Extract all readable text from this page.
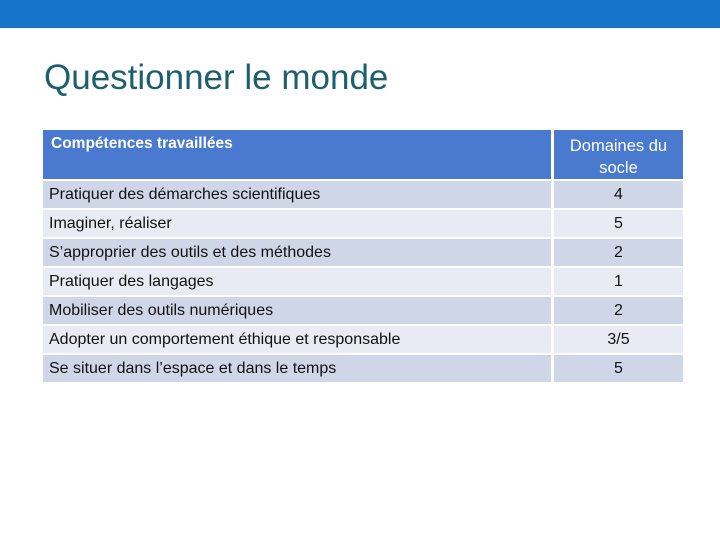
Questionner le monde
Compétences travaillées	Domaines du socle
Pratiquer des démarches scientifiques	4
Imaginer, réaliser	5
S’approprier des outils et des méthodes	2
Pratiquer des langages	1
Mobiliser des outils numériques	2
Adopter un comportement éthique et responsable	3/5
Se situer dans l’espace et dans le temps	5
